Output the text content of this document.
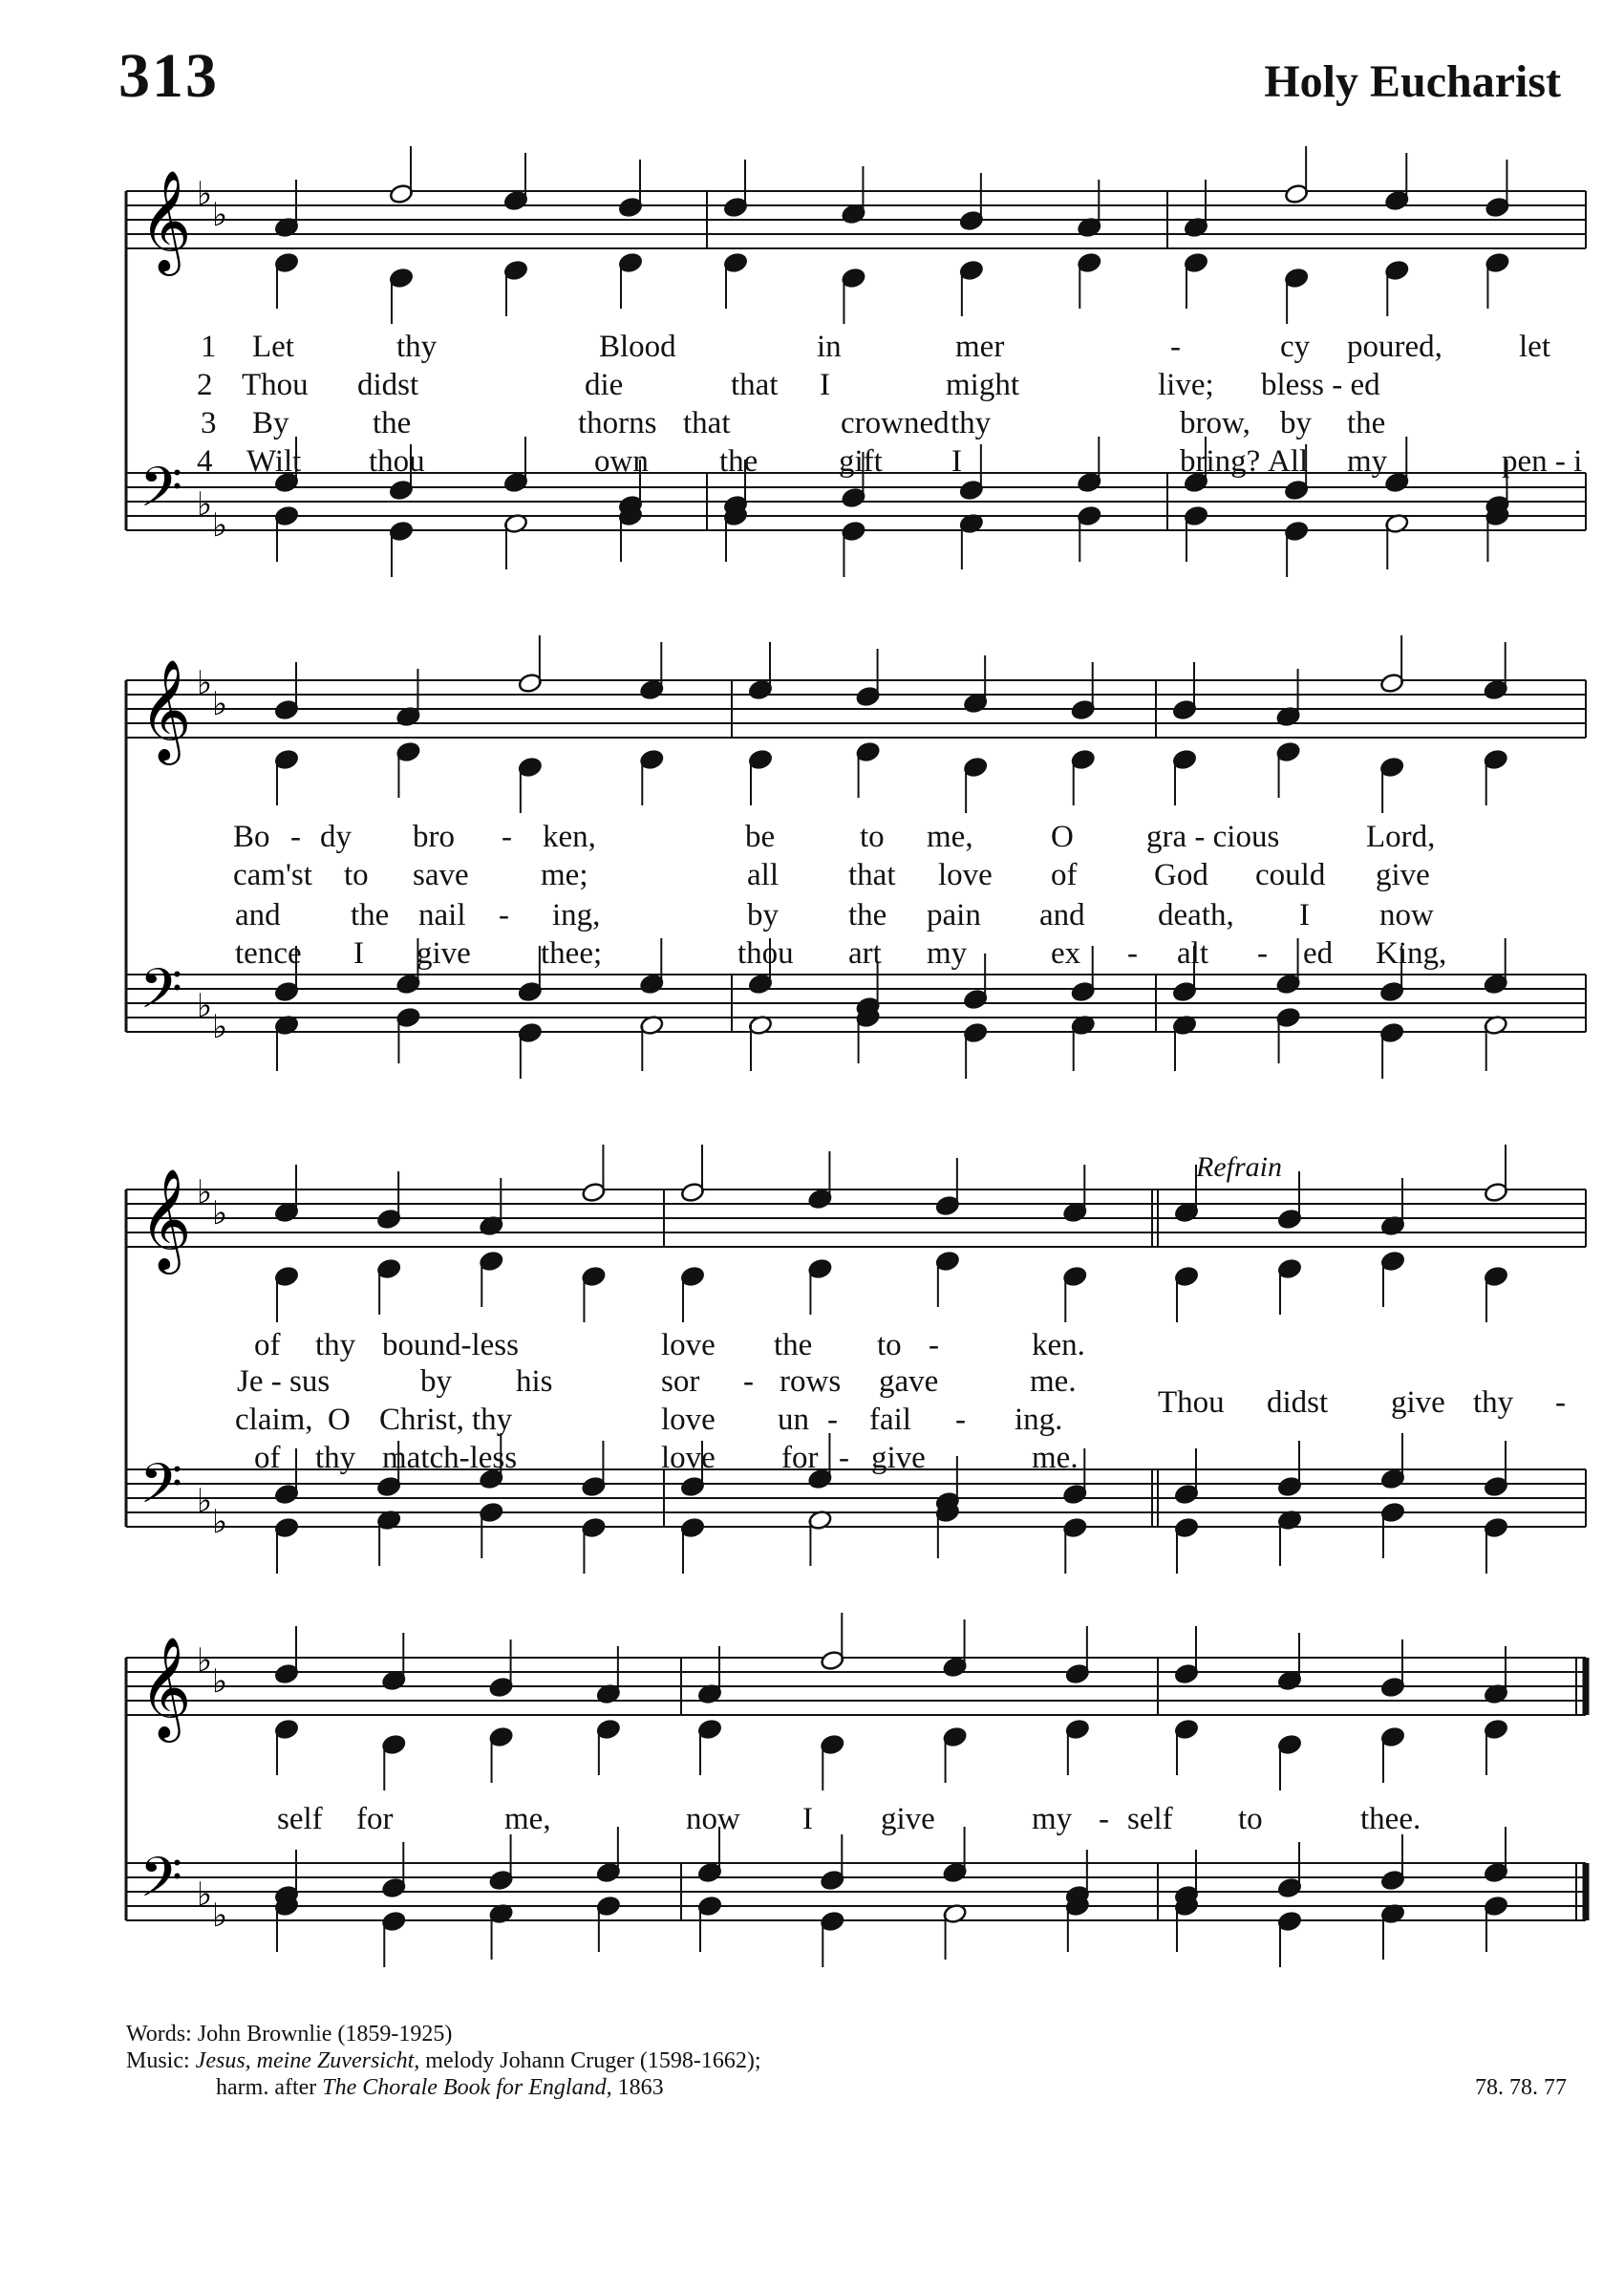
313	Holy Eucharist
𝄞
𝄢
♭
♭
♭
♭
𝄞
𝄢
♭
♭
♭
♭
𝄞
𝄢
♭
♭
♭
♭
𝄞
𝄢
♭
♭
♭
♭
1 Let	thy	Blood	in	mer	-	cy poured, let
2 Thou didst	die	that I	might	live; bless - ed
3 By	the	thorns that	crowned thy	brow, by the
4 Wilt thou	own the	gift I	bring? All my	pen - i
Bo - dy bro - ken,	be	to me, O gra - cious	Lord,
cam'st to save me;	all that love of God could give
and the nail - ing,	by the pain and death, I now
tence I give thee;	thou art my	ex - alt - ed King,
of thy bound-less	love the to -	ken.
Je - sus	by his	sor - rows gave	me.
claim, O Christ, thy	love un - fail - ing.
of thy match-less	love for - give	me.
self for	me,	now I give	my - self to	thee.
Thou didst give thy -
Refrain
Words: John Brownlie (1859-1925)
Music: Jesus, meine Zuversicht, melody Johann Cruger (1598-1662);
harm. after The Chorale Book for England, 1863	78. 78. 77
